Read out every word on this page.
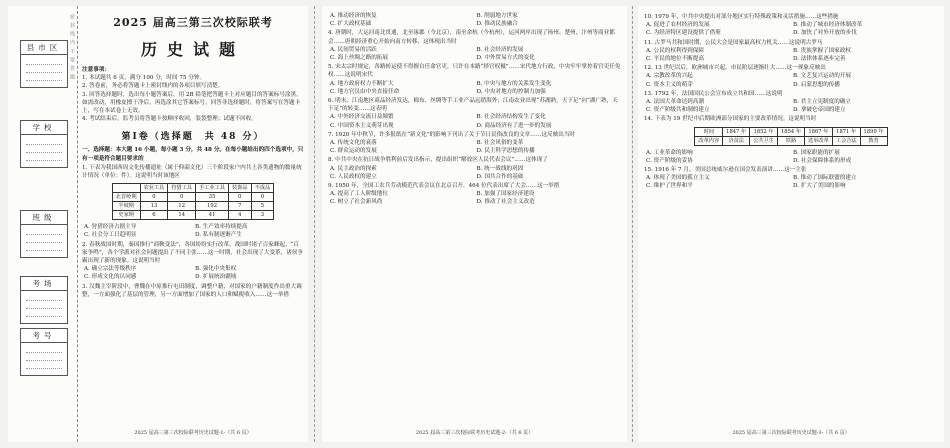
县市区
学校
班级
考场
考号
密 封 线 内 不 要 答 题	2025 届高三第三次校际联考
历史试题
注意事项：
1. 本试题共 6 页，满分 100 分，时间 75 分钟。
2. 答卷前，务必将答题卡上密封线内的各项目填写清楚。
3. 回答选择题时，选出每小题答案后，用 2B 铅笔把答题卡上对应题目的答案标号涂黑。如需改动，用橡皮擦干净后，再选涂其它答案标号。回答非选择题时，将答案写在答题卡上，写在本试卷上无效。
4. 考试结束后，监考员将答题卡按顺序收回，装袋整理；试题不回收。
第Ⅰ卷（选择题　共 48 分）
一、选择题：本大题 16 小题，每小题 3 分，共 48 分。在每小题给出的四个选项中，只有一项是符合题目要求的
1. 下表为我国西周文化传播遗址（属于仰韶文化）三个阶段家户内共土各类遗物的数量统计情况（单位：件）。这说明当时该地区
	农业工具	狩猎工具	手工业工具	装饰品	不成品
北首岭期	0	0	35	0	0
半坡期	13	12	192	7	5
史家期	6	14	41	4	3
A. 狩猎经济占据主导	B. 生产效率持续提高
C. 社会分工日趋明显	D. 私有制逐渐产生
2. 春秋战国时期，秦国推行“商鞅变法”，各国纷纷实行改革，战国时诸子百家蜂起，“百家争鸣”，各个学派对社会问题提出了不同主张……这一时期，社会出现了大变革，诸侯争霸出现了新的现象。这说明当时
A. 确立宗法等级秩序	B. 强化中央集权
C. 形成文化的认同感	D. 扩展统治疆域
3. 汉魏主宰阶段中，曹魏在中原推行屯田制度，调整户籍，对国家的户籍制度作出重大调整，一方面强化了基层的管理，另一方面增加了国家的人口和赋税收入……这一举措
2025 届高三第三次校际联考历史试题-1-（共 6 页）
A. 推动经济的恢复	B. 削弱地方世家
C. 扩大政权基础	D. 推动民族融合
4. 唐朝时，大运河南北贯通，北至涿郡（今北京），南至余杭（今杭州），运河两岸出现了扬州、楚州、汴州等商业都会……唐朝经济重心开始向南方转移，这体现出当时
A. 民间贸易的活跃	B. 社会经济的发展
C. 海上丝绸之路的拓展	D. 中外贸易方式的变化
5. 宋太宗时规定，各路转运使不得擅自任命官吏，只许在本路“择官权摄”……宋代地方行政，中央牢牢掌控着官吏任免权……这说明宋代
A. 地方政府权力不断扩大	B. 中央与地方的关系发生变化
C. 地方官员由中央直接任命	D. 中央对地方的控制力加强
6. 明末，江南地区商品经济发达，棉布、丝绸等手工业产品远销海外；江南农业出现“苏湖熟，天下足”向“湖广熟，天下足”的转变……这表明
A. 中外经济交流日益频繁	B. 社会经济结构发生了变化
C. 中国资本主义萌芽出现	D. 商品经济有了进一步的发展
7. 1920 年中秋节，许多报纸在“新文化”的影响下刊出了关于节日民俗改良的文章……这反映出当时
A. 传统文化的衰落	B. 社会风俗的变革
C. 群众运动的发展	D. 民主科学思想的传播
8. 中共中央在抗日战争胜利前后发出指示，提出组织“解放区人民代表会议”……这体现了
A. 民主政治的探索	B. 统一战线的巩固
C. 人民政权的建立	D. 国共合作的基础
9. 1950 年，全国工农兵劳动模范代表会议在北京召开，464 位代表出席了大会……这一举措
A. 提高了工人阶级地位	B. 加强了国家经济建设
C. 树立了社会新风尚	D. 推动了社会主义改造
2025 届高三第三次校际联考历史试题-2-（共 6 页）
10. 1979 年，中共中央提出对部分地区实行特殊政策和灵活措施……这些措施
A. 促进了农村经济的发展	B. 推动了城市经济体制改革
C. 为经济特区建设提供了借鉴	D. 加快了对外开放的步伐
11. 古罗马共和国时期，公民大会是国家最高权力机关……这说明古罗马
A. 公民的权利得到保障	B. 贵族掌握了国家政权
C. 平民的地位不断提高	D. 法律体系逐步完善
12. 13 世纪以后，欧洲城市兴起，市民阶层逐渐壮大……这一现象反映出
A. 宗教改革的兴起	B. 文艺复兴运动的开展
C. 资本主义的萌芽	D. 启蒙思想的传播
13. 1792 年，法国国民公会宣布成立共和国……这说明
A. 法国大革命达到高潮	B. 君主立宪制度的确立
C. 资产阶级共和制的建立	D. 拿破仑帝国的建立
14. 下表为 19 世纪中后期欧洲部分国家的主要改革情况。这说明当时
时间	1847 年	1852 年	1854 年	1867 年	1871 年	1899 年
改革内容	济贫法	公共卫生	铁路	选举改革	工会合法	教育
A. 工业革命的影响	B. 国家职能的扩展
C. 资产阶级的妥协	D. 社会保障体系的形成
15. 1916 年 7 月，美国总统威尔逊在国会发表演讲……这一主张
A. 体现了美国的孤立主义	B. 推动了国际联盟的建立
C. 维护了世界和平	D. 扩大了美国的影响
2025 届高三第三次校际联考历史试题-3-（共 6 页）
